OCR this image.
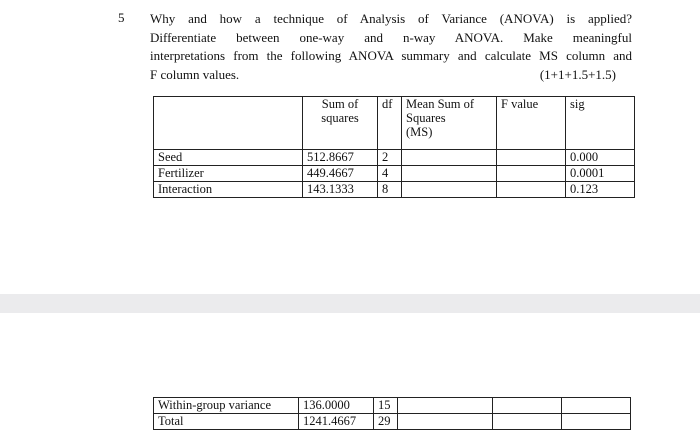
5 Why and how a technique of Analysis of Variance (ANOVA) is applied?
Differentiate between one-way and n-way ANOVA. Make meaningful
interpretations from the following ANOVA summary and calculate MS column and
F column values.	(1+1+1.5+1.5)
	Sum of
squares	df	Mean Sum of
Squares
(MS)	F value	sig
Seed	512.8667	2			0.000
Fertilizer	449.4667	4			0.0001
Interaction	143.1333	8			0.123
Within-group variance	136.0000	15			
Total	1241.4667	29			
